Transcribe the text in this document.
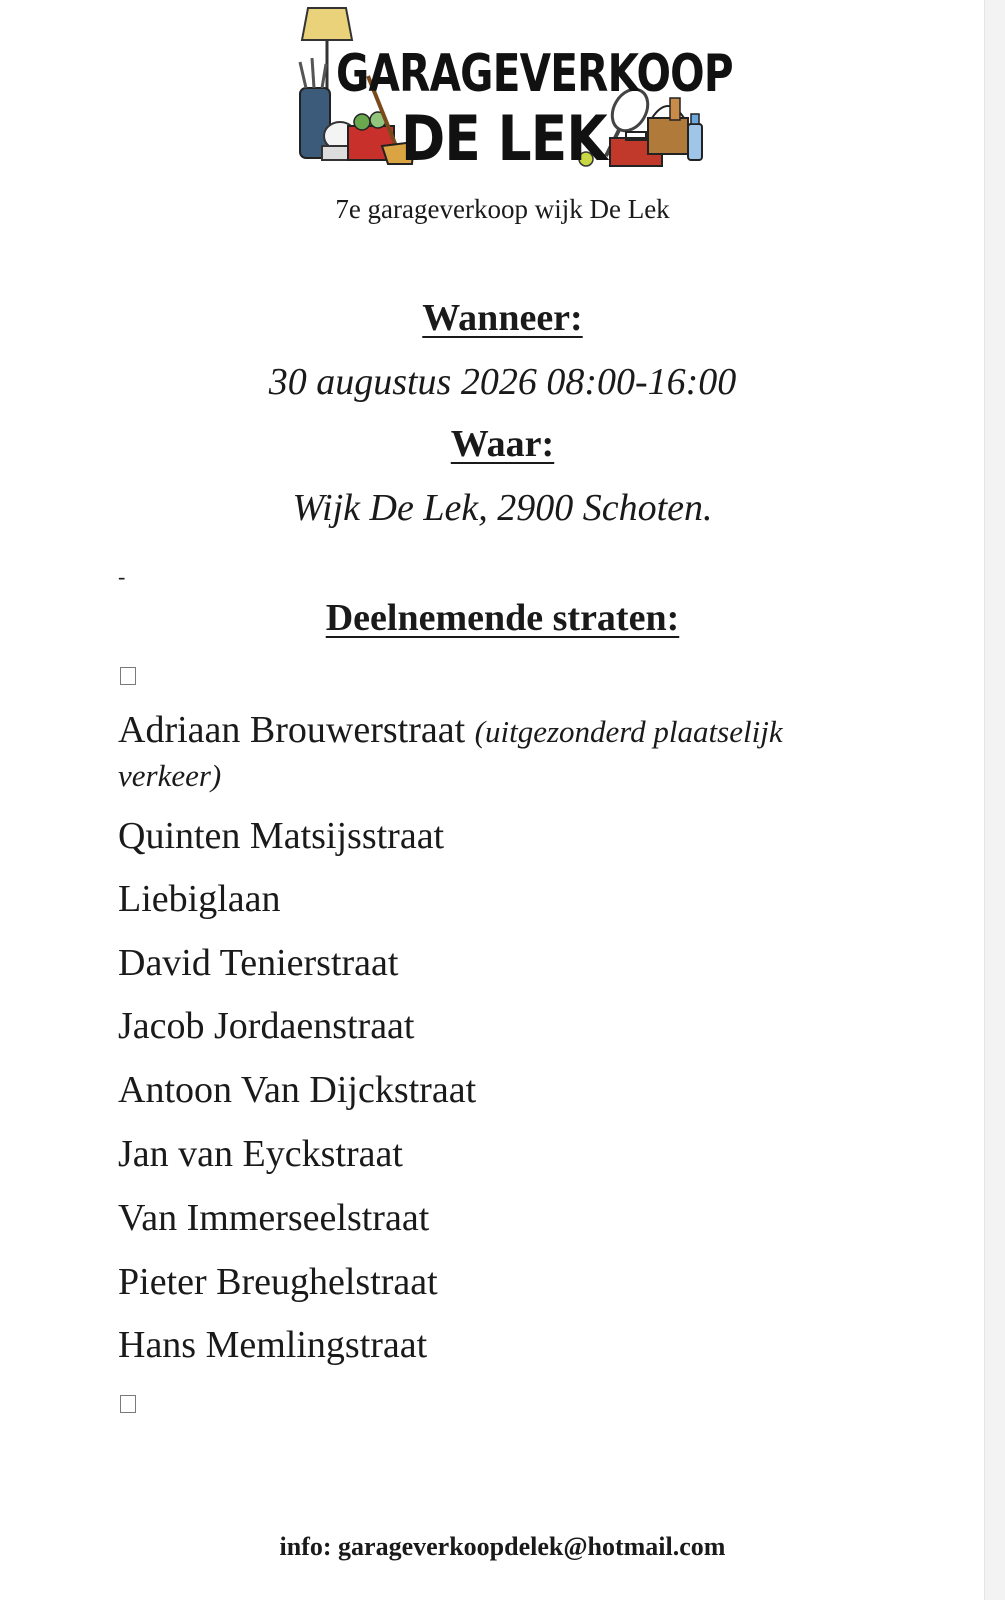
GARAGEVERKOOP
DE LEK
7e garageverkoop wijk De Lek
Wanneer:
30 augustus 2026 08:00-16:00
Waar:
Wijk De Lek, 2900 Schoten.
-
Deelnemende straten:
Adriaan Brouwerstraat (uitgezonderd plaatselijk
verkeer)
Quinten Matsijsstraat
Liebiglaan
David Tenierstraat
Jacob Jordaenstraat
Antoon Van Dijckstraat
Jan van Eyckstraat
Van Immerseelstraat
Pieter Breughelstraat
Hans Memlingstraat
info: garageverkoopdelek@hotmail.com
